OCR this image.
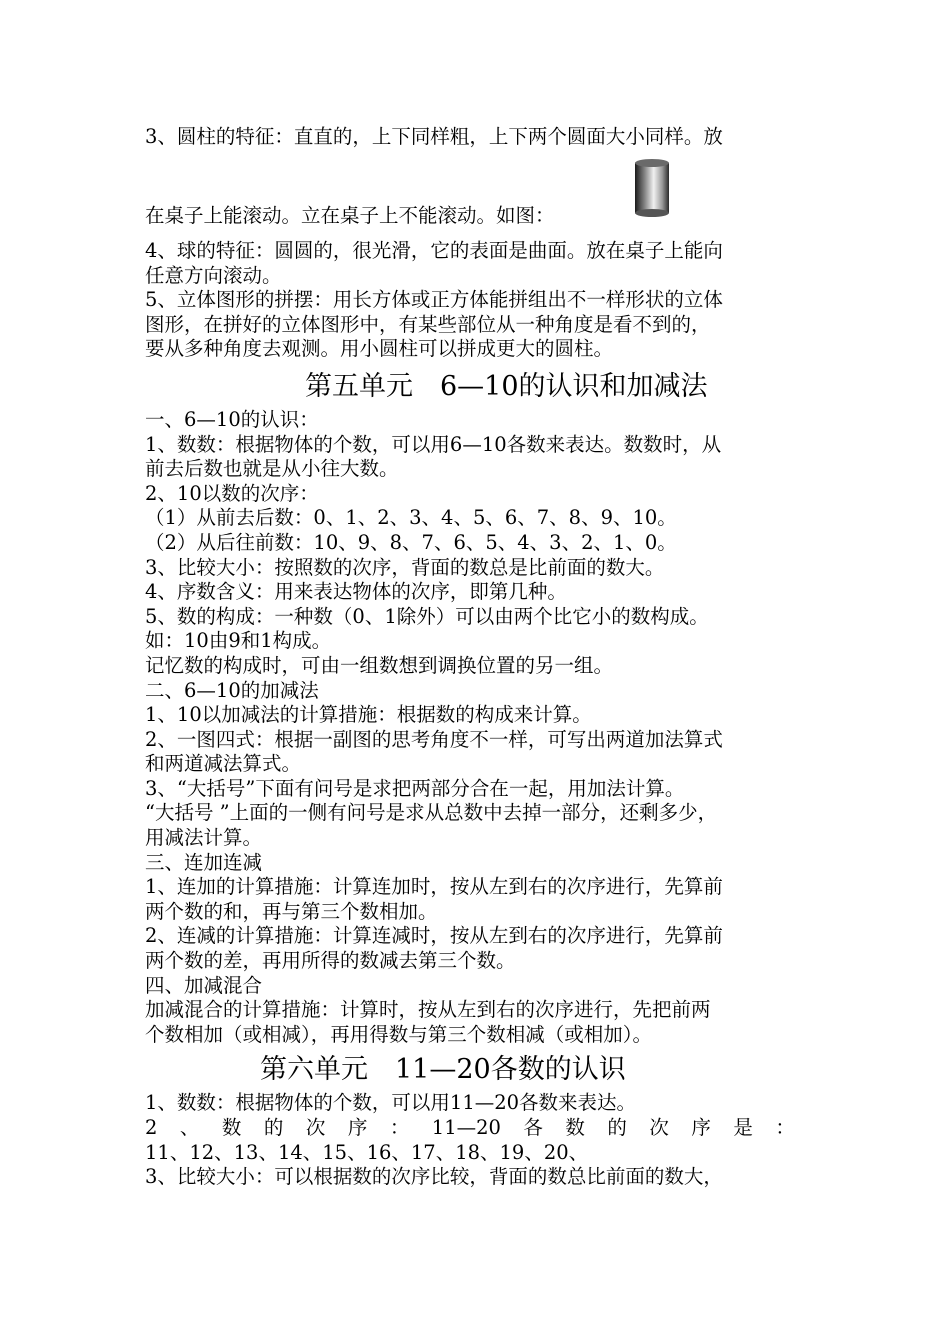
3、圆柱的特征：直直的，上下同样粗，上下两个圆面大小同样。放

在桌子上能滚动。立在桌子上不能滚动。如图：

4、球的特征：圆圆的，很光滑，它的表面是曲面。放在桌子上能向

任意方向滚动。

5、立体图形的拼摆：用长方体或正方体能拼组出不一样形状的立体

图形，在拼好的立体图形中，有某些部位从一种角度是看不到的，

要从多种角度去观测。用小圆柱可以拼成更大的圆柱。

第五单元　6—10的认识和加减法

一、6—10的认识：

1、数数：根据物体的个数，可以用6—10各数来表达。数数时，从

前去后数也就是从小往大数。

2、10以数的次序：

（1）从前去后数：0、1、2、3、4、5、6、7、8、9、10。

（2）从后往前数：10、9、8、7、6、5、4、3、2、1、0。

3、比较大小：按照数的次序，背面的数总是比前面的数大。

4、序数含义：用来表达物体的次序，即第几种。

5、数的构成：一种数（0、1除外）可以由两个比它小的数构成。

如：10由9和1构成。

记忆数的构成时，可由一组数想到调换位置的另一组。

二、6—10的加减法

1、10以加减法的计算措施：根据数的构成来计算。

2、一图四式：根据一副图的思考角度不一样，可写出两道加法算式

和两道减法算式。

3、“大括号”下面有问号是求把两部分合在一起，用加法计算。

“大括号 ”上面的一侧有问号是求从总数中去掉一部分，还剩多少，

用减法计算。

三、连加连减

1、连加的计算措施：计算连加时，按从左到右的次序进行，先算前

两个数的和，再与第三个数相加。

2、连减的计算措施：计算连减时，按从左到右的次序进行，先算前

两个数的差，再用所得的数减去第三个数。

四、加减混合

加减混合的计算措施：计算时，按从左到右的次序进行，先把前两

个数相加（或相减），再用得数与第三个数相减（或相加）。

第六单元　11—20各数的认识

1、数数：根据物体的个数，可以用11—20各数来表达。

2 、 数 的 次 序 ： 11—20 各 数 的 次 序 是 ：

11、12、13、14、15、16、17、18、19、20、

3、比较大小：可以根据数的次序比较，背面的数总比前面的数大，
